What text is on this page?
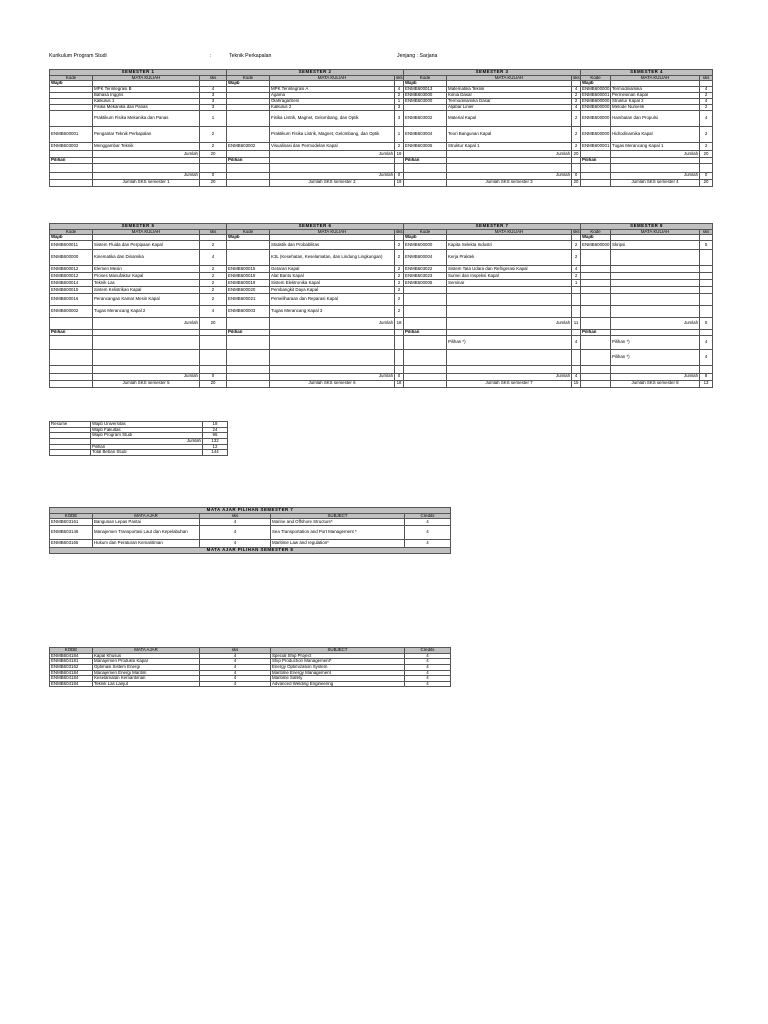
Kurikulum Program Studi	:	Teknik Perkapalan	Jenjang : Sarjana
SEMESTER 1			SEMESTER 2			SEMESTER 3			SEMESTER 4		
Kode	MATA KULIAH	sks	Kode	MATA KULIAH	sks	Kode	MATA KULIAH	sks	Kode	MATA KULIAH	sks
Wajib			Wajib			Wajib			Wajib		
	MPK Terintegrasi B	4		MPK Terintegrasi A	4	ENMB600013	Matematika Teknik	4	ENMB600000	Termodinamika	4
	Bahasa Inggris	3		Agama	2	ENMB603000	Kimia Dasar	2	ENMB600001	Permesinan Kapal	2
	Kalkulus 1	3		Olahraga/Seni	1	ENMB603000	Termodinamika Dasar	2	ENMB600000	Struktur Kapal 2	4
	Fisika Mekanika dan Panas	3		Kalkulus 2	3		Aljabar Linier	4	ENMB600000	Metode Numerik	2
	Praktikum Fisika Mekanika dan Panas	1		Fisika Listrik, Magnet, Gelombang, dan Optik	3	ENMB603002	Material Kapal	2	ENMB600000	Hambatan dan Propulsi	4
ENMB600001	Pengantar Teknik Perkapalan	2		Praktikum Fisika Listrik, Magnet, Gelombang, dan Optik	1	ENMB603004	Teori Bangunan Kapal	2	ENMB600000	Hidrodinamika Kapal	2
ENMB603002	Menggambar Teknik	2	ENMB603002	Visualisasi dan Permodelan Kapal	2	ENMB603005	Struktur Kapal 1	2	ENMB600001	Tugas Merancang Kapal 1	2
	Jumlah	20		Jumlah	19		Jumlah	20		Jumlah	20
Pilihan			Pilihan			Pilihan			Pilihan		

	Jumlah	0		Jumlah	0		Jumlah	0		Jumlah	0
	Jumlah SKS semester 1	20		Jumlah SKS semester 2	19		Jumlah SKS semester 3	20		Jumlah SKS semester 4	20
SEMESTER 5			SEMESTER 6			SEMESTER 7			SEMESTER 8		
Kode	MATA KULIAH	sks	Kode	MATA KULIAH	sks	Kode	MATA KULIAH	sks	Kode	MATA KULIAH	sks
Wajib			Wajib			Wajib			Wajib		
ENMB600011	Sistem Fluida dan Perpipaan Kapal	2		Statistik dan Probabilitas	2	ENMB600000	Kapita Selekta Industri	2	ENMB600000	Skripsi	5
ENMB600000	Kinematika dan Dinamika	4		K3L (Kesehatan, Keselamatan, dan Lindung Lingkungan)	2	ENMB600004	Kerja Praktek	2			
ENMB600012	Elemen Mesin	2	ENMB600015	Getaran Kapal	2	ENMB603022	Sistem Tata Udara dan Refrigerasi Kapal	4			
ENMB600012	Proses Manufaktur Kapal	2	ENMB600019	Alat Bantu Kapal	2	ENMB603023	Survei dan Inspeksi Kapal	2			
ENMB600014	Teknik Las	2	ENMB600019	Sistem Elektronika Kapal	2	ENMB600005	Seminar	1			
ENMB600015	Sistem Kelistrikan Kapal	2	ENMB600020	Pembangkit Daya Kapal	2						
ENMB600016	Perancangan Kamar Mesin Kapal	2	ENMB600021	Pemeliharaan dan Reparasi Kapal	2						
ENMB600002	Tugas Merancang Kapal 2	4	ENMB600003	Tugas Merancang Kapal 3	2						
	Jumlah	20		Jumlah	18		Jumlah	11		Jumlah	5
Pilihan			Pilihan			Pilihan			Pilihan		
							Pilihan *)	4		Pilihan *)	4
										Pilihan *)	4

	Jumlah	0		Jumlah	0		Jumlah	4		Jumlah	8
	Jumlah SKS semester 5	20		Jumlah SKS semester 6	18		Jumlah SKS semester 7	15		Jumlah SKS semester 8	13
Resume	Wajib Universitas	18
	Wajib Fakultas	24
	Wajib Program Studi	96
	Jumlah	132
	Pilihan	12
	Total Beban Studi	144
MATA AJAR PILIHAN SEMESTER 7				
KODE	MATA AJAR	sks	SUBJECT	Credits
ENMB603161	Bangunan Lepas Pantai	4	Marine and Offshore Structure*	4
ENMB603146	Manajemen Transportasi Laut dan Kepelabuhan	4	Sea Transportation and Port Management *	4
ENMB603165	Hukum dan Peraturan Kemaritiman	4	Maritime Law and regulation*	4
MATA AJAR PILIHAN SEMESTER 8				
KODE	MATA AJAR	sks	SUBJECT	Credits
ENMB604184	Kapal Khusus	4	Special Ship Project	4
ENMB604181	Manajemen Produksi Kapal	4	Ship Production Management*	4
ENMB603162	Optimasi Sistem Energi	4	Energy Optimization System	4
ENMB604184	Manajemen Energi Maritim	4	Maritime Energy Management	4
ENMB604184	Keselamatan Kemaritiman	4	Maritime Safety	4
ENMB604184	Teknik Las Lanjut	4	Advanced Welding Engineering	4
